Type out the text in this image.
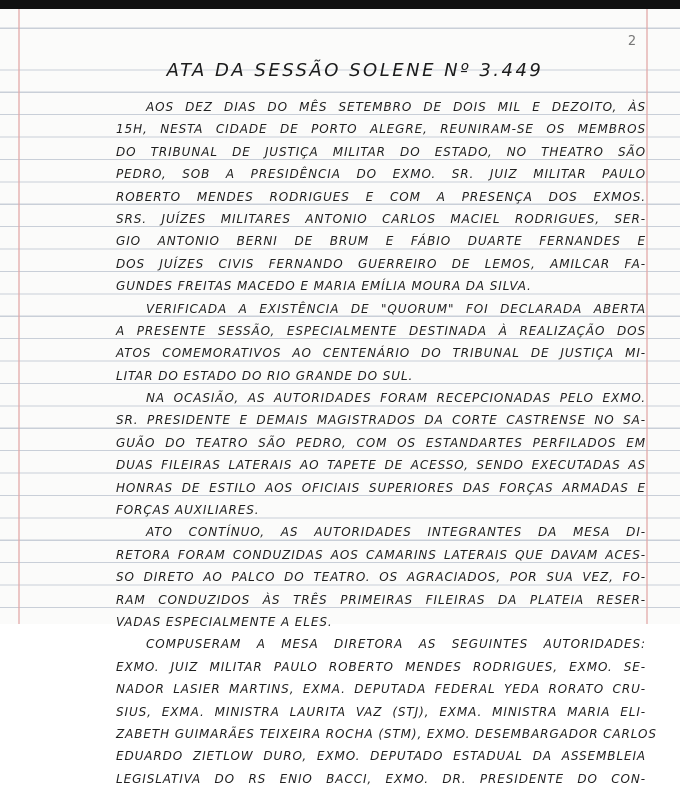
2
ATA DA SESSÃO SOLENE Nº 3.449
AOS DEZ DIAS DO MÊS SETEMBRO DE DOIS MIL E DEZOITO, ÀS
15H, NESTA CIDADE DE PORTO ALEGRE, REUNIRAM-SE OS MEMBROS
DO TRIBUNAL DE JUSTIÇA MILITAR DO ESTADO, NO THEATRO SÃO
PEDRO, SOB A PRESIDÊNCIA DO EXMO. SR. JUIZ MILITAR PAULO
ROBERTO MENDES RODRIGUES E COM A PRESENÇA DOS EXMOS.
SRS. JUÍZES MILITARES ANTONIO CARLOS MACIEL RODRIGUES, SER-
GIO ANTONIO BERNI DE BRUM E FÁBIO DUARTE FERNANDES E
DOS JUÍZES CIVIS FERNANDO GUERREIRO DE LEMOS, AMILCAR FA-
GUNDES FREITAS MACEDO E MARIA EMÍLIA MOURA DA SILVA.
VERIFICADA A EXISTÊNCIA DE "QUORUM" FOI DECLARADA ABERTA
A PRESENTE SESSÃO, ESPECIALMENTE DESTINADA À REALIZAÇÃO DOS
ATOS COMEMORATIVOS AO CENTENÁRIO DO TRIBUNAL DE JUSTIÇA MI-
LITAR DO ESTADO DO RIO GRANDE DO SUL.
NA OCASIÃO, AS AUTORIDADES FORAM RECEPCIONADAS PELO EXMO.
SR. PRESIDENTE E DEMAIS MAGISTRADOS DA CORTE CASTRENSE NO SA-
GUÃO DO TEATRO SÃO PEDRO, COM OS ESTANDARTES PERFILADOS EM
DUAS FILEIRAS LATERAIS AO TAPETE DE ACESSO, SENDO EXECUTADAS AS
HONRAS DE ESTILO AOS OFICIAIS SUPERIORES DAS FORÇAS ARMADAS E
FORÇAS AUXILIARES.
ATO CONTÍNUO, AS AUTORIDADES INTEGRANTES DA MESA DI-
RETORA FORAM CONDUZIDAS AOS CAMARINS LATERAIS QUE DAVAM ACES-
SO DIRETO AO PALCO DO TEATRO. OS AGRACIADOS, POR SUA VEZ, FO-
RAM CONDUZIDOS ÀS TRÊS PRIMEIRAS FILEIRAS DA PLATEIA RESER-
VADAS ESPECIALMENTE A ELES.
COMPUSERAM A MESA DIRETORA AS SEGUINTES AUTORIDADES:
EXMO. JUIZ MILITAR PAULO ROBERTO MENDES RODRIGUES, EXMO. SE-
NADOR LASIER MARTINS, EXMA. DEPUTADA FEDERAL YEDA RORATO CRU-
SIUS, EXMA. MINISTRA LAURITA VAZ (STJ), EXMA. MINISTRA MARIA ELI-
ZABETH GUIMARÃES TEIXEIRA ROCHA (STM), EXMO. DESEMBARGADOR CARLOS
EDUARDO ZIETLOW DURO, EXMO. DEPUTADO ESTADUAL DA ASSEMBLEIA
LEGISLATIVA DO RS ENIO BACCI, EXMO. DR. PRESIDENTE DO CON-
